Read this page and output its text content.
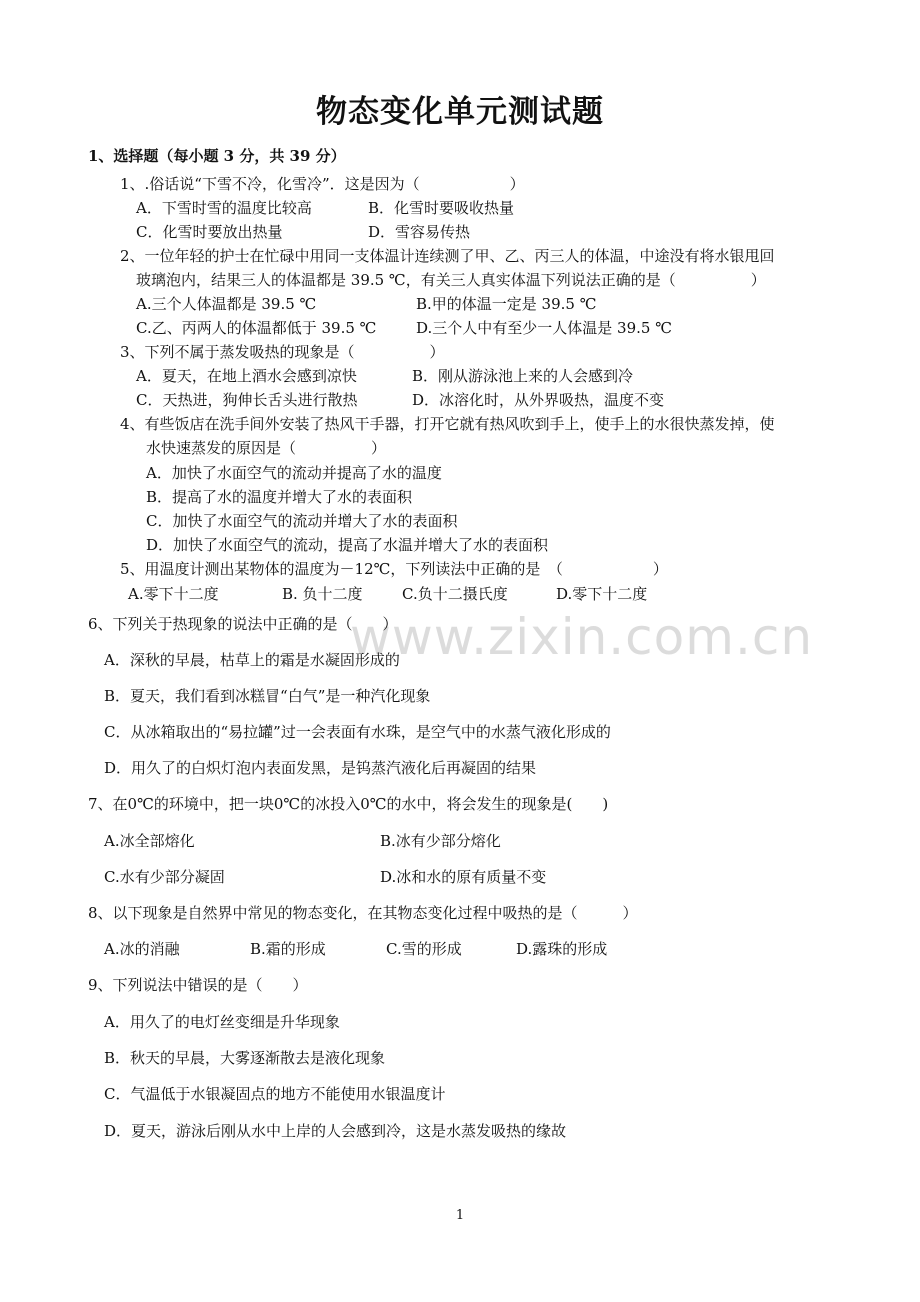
物态变化单元测试题
1、选择题（每小题 3 分，共 39 分）
1、.俗话说“下雪不冷，化雪冷”．这是因为（　　　　　　）
A．下雪时雪的温度比较高	B．化雪时要吸收热量
C．化雪时要放出热量	D．雪容易传热
2、一位年轻的护士在忙碌中用同一支体温计连续测了甲、乙、丙三人的体温，中途没有将水银甩回
玻璃泡内，结果三人的体温都是 39.5 ℃，有关三人真实体温下列说法正确的是（　　　　　）
A.三个人体温都是 39.5 ℃	B.甲的体温一定是 39.5 ℃
C.乙、丙两人的体温都低于 39.5 ℃	D.三个人中有至少一人体温是 39.5 ℃
3、下列不属于蒸发吸热的现象是（　　　　　）
A．夏天，在地上酒水会感到凉快	B．刚从游泳池上来的人会感到冷
C．天热进，狗伸长舌头进行散热	D．冰溶化时，从外界吸热，温度不变
4、有些饭店在洗手间外安装了热风干手器，打开它就有热风吹到手上，使手上的水很快蒸发掉，使
水快速蒸发的原因是（　　　　　）
A．加快了水面空气的流动并提高了水的温度
B．提高了水的温度并增大了水的表面积
C．加快了水面空气的流动并增大了水的表面积
D．加快了水面空气的流动，提高了水温并增大了水的表面积
5、用温度计测出某物体的温度为－12℃，下列读法中正确的是　（　　　　　　）
A.零下十二度	B. 负十二度	C.负十二摄氏度	D.零下十二度
www.zixin.com.cn
6、下列关于热现象的说法中正确的是（　　）
A．深秋的早晨，枯草上的霜是水凝固形成的
B．夏天，我们看到冰糕冒“白气”是一种汽化现象
C．从冰箱取出的“易拉罐”过一会表面有水珠，是空气中的水蒸气液化形成的
D．用久了的白炽灯泡内表面发黑，是钨蒸汽液化后再凝固的结果
7、在0℃的环境中，把一块0℃的冰投入0℃的水中，将会发生的现象是(　　)
A.冰全部熔化	B.冰有少部分熔化
C.水有少部分凝固	D.冰和水的原有质量不变
8、以下现象是自然界中常见的物态变化，在其物态变化过程中吸热的是（　　　）
A.冰的消融	B.霜的形成	C.雪的形成	D.露珠的形成
9、下列说法中错误的是（　　）
A．用久了的电灯丝变细是升华现象
B．秋天的早晨，大雾逐渐散去是液化现象
C．气温低于水银凝固点的地方不能使用水银温度计
D．夏天，游泳后刚从水中上岸的人会感到冷，这是水蒸发吸热的缘故
1
